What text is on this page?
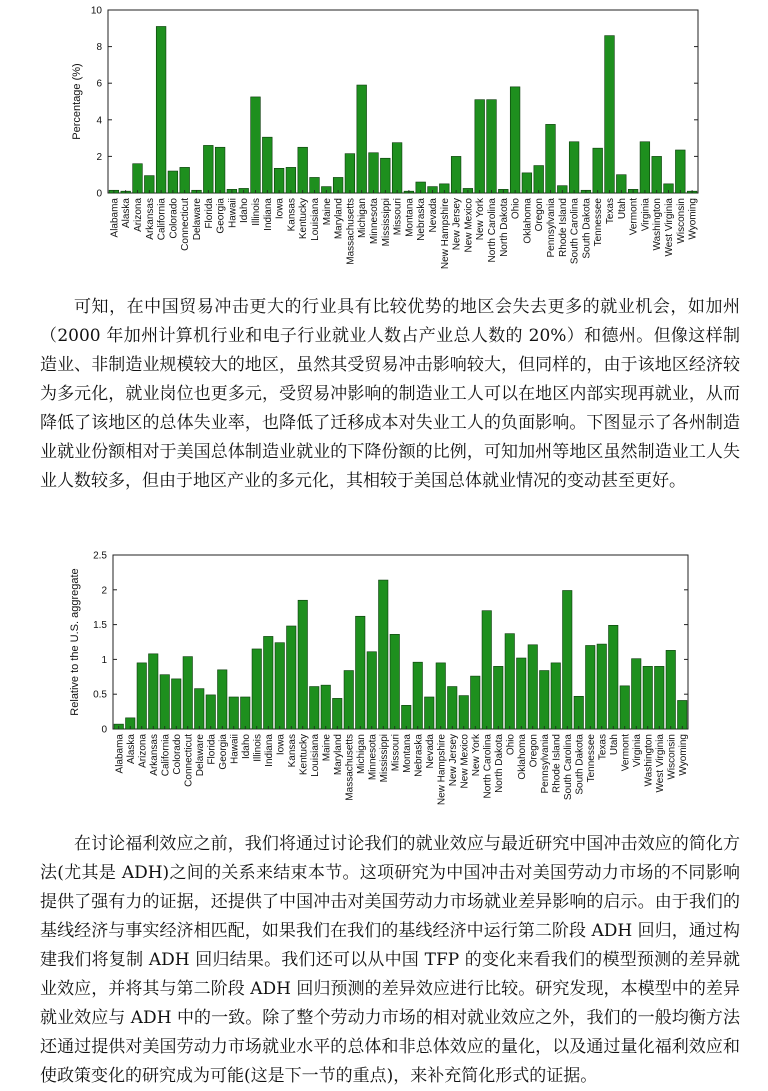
0
2
4
6
8
10
Percentage (%)
Alabama Alaska Arizona Arkansas California Colorado Connecticut Delaware Florida Georgia Hawaii Idaho Illinois Indiana Iowa Kansas Kentucky Louisiana Maine Maryland Massachusetts Michigan Minnesota Mississippi Missouri Montana Nebraska Nevada New Hampshire New Jersey New Mexico New York North Carolina North Dakota Ohio Oklahoma Oregon Pennsylvania Rhode Island South Carolina South Dakota Tennessee Texas Utah Vermont Virginia Washington West Virginia Wisconsin Wyoming

可知，在中国贸易冲击更大的行业具有比较优势的地区会失去更多的就业机会，如加州（2000 年加州计算机行业和电子行业就业人数占产业总人数的 20%）和德州。但像这样制造业、非制造业规模较大的地区，虽然其受贸易冲击影响较大，但同样的，由于该地区经济较为多元化，就业岗位也更多元，受贸易冲影响的制造业工人可以在地区内部实现再就业，从而降低了该地区的总体失业率，也降低了迁移成本对失业工人的负面影响。下图显示了各州制造业就业份额相对于美国总体制造业就业的下降份额的比例，可知加州等地区虽然制造业工人失业人数较多，但由于地区产业的多元化，其相较于美国总体就业情况的变动甚至更好。

0
0.5
1
1.5
2
2.5
Relative to the U.S. aggregate
Alabama Alaska Arizona Arkansas California Colorado Connecticut Delaware Florida Georgia Hawaii Idaho Illinois Indiana Iowa Kansas Kentucky Louisiana Maine Maryland Massachusetts Michigan Minnesota Mississippi Missouri Montana Nebraska Nevada New Hampshire New Jersey New Mexico New York North Carolina North Dakota Ohio Oklahoma Oregon Pennsylvania Rhode Island South Carolina South Dakota Tennessee Texas Utah Vermont Virginia Washington West Virginia Wisconsin Wyoming

在讨论福利效应之前，我们将通过讨论我们的就业效应与最近研究中国冲击效应的简化方法(尤其是 ADH)之间的关系来结束本节。这项研究为中国冲击对美国劳动力市场的不同影响提供了强有力的证据，还提供了中国冲击对美国劳动力市场就业差异影响的启示。由于我们的基线经济与事实经济相匹配，如果我们在我们的基线经济中运行第二阶段 ADH 回归，通过构建我们将复制 ADH 回归结果。我们还可以从中国 TFP 的变化来看我们的模型预测的差异就业效应，并将其与第二阶段 ADH 回归预测的差异效应进行比较。研究发现，本模型中的差异就业效应与 ADH 中的一致。除了整个劳动力市场的相对就业效应之外，我们的一般均衡方法还通过提供对美国劳动力市场就业水平的总体和非总体效应的量化，以及通过量化福利效应和使政策变化的研究成为可能(这是下一节的重点)，来补充简化形式的证据。
